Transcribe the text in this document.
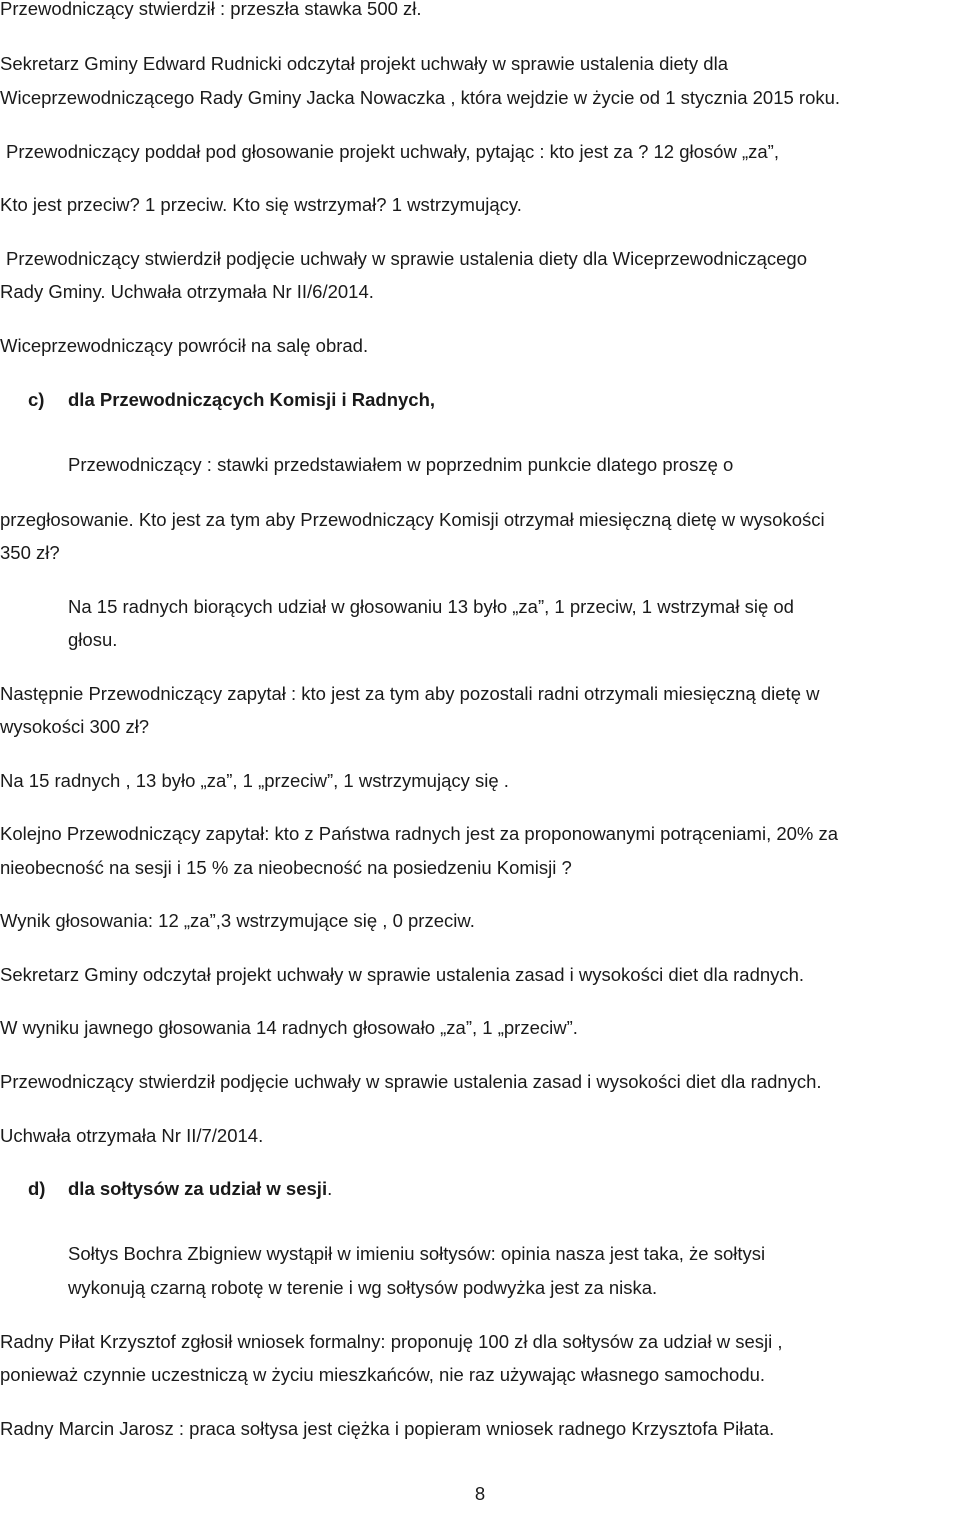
Przewodniczący stwierdził : przeszła stawka 500 zł.
Sekretarz Gminy Edward Rudnicki odczytał projekt uchwały w sprawie ustalenia diety dla
Wiceprzewodniczącego Rady Gminy Jacka Nowaczka , która wejdzie w życie od 1 stycznia 2015 roku.
Przewodniczący poddał pod głosowanie projekt uchwały, pytając : kto jest za ? 12 głosów „za”,
Kto jest przeciw? 1 przeciw. Kto się wstrzymał? 1 wstrzymujący.
Przewodniczący stwierdził podjęcie uchwały w sprawie ustalenia diety dla Wiceprzewodniczącego
Rady Gminy. Uchwała otrzymała Nr II/6/2014.
Wiceprzewodniczący powrócił na salę obrad.
c) dla Przewodniczących Komisji i Radnych,
Przewodniczący : stawki przedstawiałem w poprzednim punkcie dlatego proszę o
przegłosowanie. Kto jest za tym aby Przewodniczący Komisji otrzymał miesięczną dietę w wysokości
350 zł?
Na 15 radnych biorących udział w głosowaniu 13 było „za”, 1 przeciw, 1 wstrzymał się od
głosu.
Następnie Przewodniczący zapytał : kto jest za tym aby pozostali radni otrzymali miesięczną dietę w
wysokości 300 zł?
Na 15 radnych , 13 było „za”, 1 „przeciw”, 1 wstrzymujący się .
Kolejno Przewodniczący zapytał: kto z Państwa radnych jest za proponowanymi potrąceniami, 20% za
nieobecność na sesji i 15 % za nieobecność na posiedzeniu Komisji ?
Wynik głosowania: 12 „za”,3 wstrzymujące się , 0 przeciw.
Sekretarz Gminy odczytał projekt uchwały w sprawie ustalenia zasad i wysokości diet dla radnych.
W wyniku jawnego głosowania 14 radnych głosowało „za”, 1 „przeciw”.
Przewodniczący stwierdził podjęcie uchwały w sprawie ustalenia zasad i wysokości diet dla radnych.
Uchwała otrzymała Nr II/7/2014.
d) dla sołtysów za udział w sesji.
Sołtys Bochra Zbigniew wystąpił w imieniu sołtysów: opinia nasza jest taka, że sołtysi
wykonują czarną robotę w terenie i wg sołtysów podwyżka jest za niska.
Radny Piłat Krzysztof zgłosił wniosek formalny: proponuję 100 zł dla sołtysów za udział w sesji ,
ponieważ czynnie uczestniczą w życiu mieszkańców, nie raz używając własnego samochodu.
Radny Marcin Jarosz : praca sołtysa jest ciężka i popieram wniosek radnego Krzysztofa Piłata.
8
